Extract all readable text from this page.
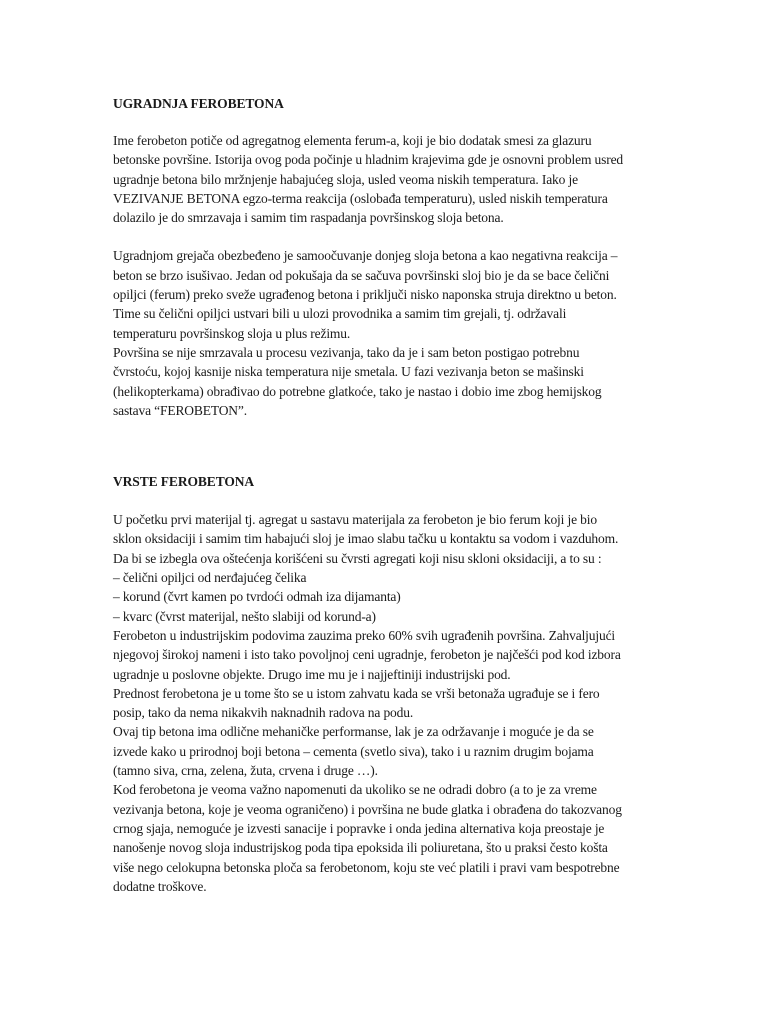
UGRADNJA FEROBETONA
Ime ferobeton potiče od agregatnog elementa ferum-a, koji je bio dodatak smesi za glazuru
betonske površine. Istorija ovog poda počinje u hladnim krajevima gde je osnovni problem usred
ugradnje betona bilo mržnjenje habajućeg sloja, usled veoma niskih temperatura. Iako je
VEZIVANJE BETONA egzo-terma reakcija (oslobađa temperaturu), usled niskih temperatura
dolazilo je do smrzavaja i samim tim raspadanja površinskog sloja betona.
Ugradnjom grejača obezbeđeno je samoočuvanje donjeg sloja betona a kao negativna reakcija –
beton se brzo isušivao. Jedan od pokušaja da se sačuva površinski sloj bio je da se bace čelični
opiljci (ferum) preko sveže ugrađenog betona i priključi nisko naponska struja direktno u beton.
Time su čelični opiljci ustvari bili u ulozi provodnika a samim tim grejali, tj. održavali
temperaturu površinskog sloja u plus režimu.
Površina se nije smrzavala u procesu vezivanja, tako da je i sam beton postigao potrebnu
čvrstoću, kojoj kasnije niska temperatura nije smetala. U fazi vezivanja beton se mašinski
(helikopterkama) obrađivao do potrebne glatkoće, tako je nastao i dobio ime zbog hemijskog
sastava “FEROBETON”.
VRSTE FEROBETONA
U početku prvi materijal tj. agregat u sastavu materijala za ferobeton je bio ferum koji je bio
sklon oksidaciji i samim tim habajući sloj je imao slabu tačku u kontaktu sa vodom i vazduhom.
Da bi se izbegla ova oštećenja korišćeni su čvrsti agregati koji nisu skloni oksidaciji, a to su :
– čelični opiljci od nerđajućeg čelika
– korund (čvrt kamen po tvrdoći odmah iza dijamanta)
– kvarc (čvrst materijal, nešto slabiji od korund-a)
Ferobeton u industrijskim podovima zauzima preko 60% svih ugrađenih površina. Zahvaljujući
njegovoj širokoj nameni i isto tako povoljnoj ceni ugradnje, ferobeton je najčešći pod kod izbora
ugradnje u poslovne objekte. Drugo ime mu je i najjeftiniji industrijski pod.
Prednost ferobetona je u tome što se u istom zahvatu kada se vrši betonaža ugrađuje se i fero
posip, tako da nema nikakvih naknadnih radova na podu.
Ovaj tip betona ima odlične mehaničke performanse, lak je za održavanje i moguće je da se
izvede kako u prirodnoj boji betona – cementa (svetlo siva), tako i u raznim drugim bojama
(tamno siva, crna, zelena, žuta, crvena i druge …).
Kod ferobetona je veoma važno napomenuti da ukoliko se ne odradi dobro (a to je za vreme
vezivanja betona, koje je veoma ograničeno) i površina ne bude glatka i obrađena do takozvanog
crnog sjaja, nemoguće je izvesti sanacije i popravke i onda jedina alternativa koja preostaje je
nanošenje novog sloja industrijskog poda tipa epoksida ili poliuretana, što u praksi često košta
više nego celokupna betonska ploča sa ferobetonom, koju ste već platili i pravi vam bespotrebne
dodatne troškove.
